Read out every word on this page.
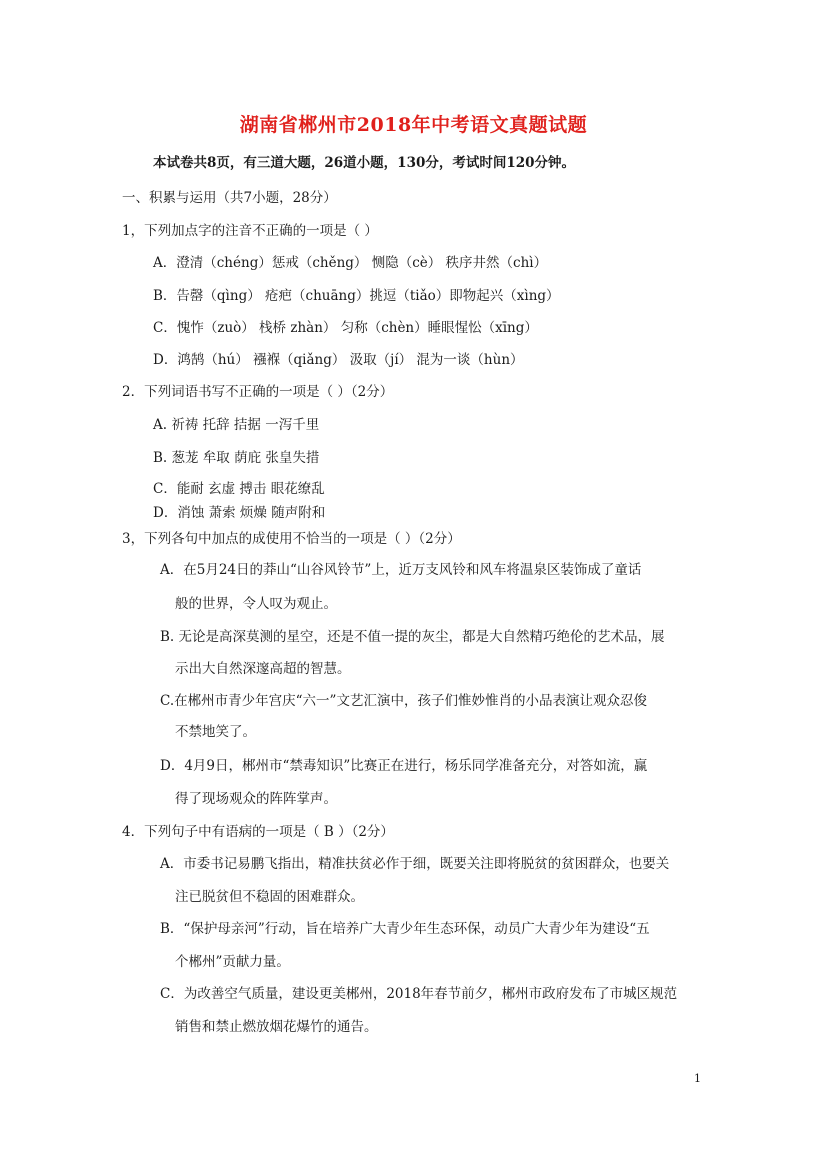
湖南省郴州市2018年中考语文真题试题
本试卷共8页，有三道大题，26道小题，130分，考试时间120分钟。
一、积累与运用（共7小题，28分）
1，下列加点字的注音不正确的一项是（ ）
A．澄清（chéng）惩戒（chěng） 恻隐（cè） 秩序井然（chì）
B．告罄（qìng） 疮疤（chuāng）挑逗（tiǎo）即物起兴（xìng）
C．愧怍（zuò） 栈桥 zhàn） 匀称（chèn）睡眼惺忪（xīng）
D．鸿鹄（hú） 襁褓（qiǎng） 汲取（jí） 混为一谈（hùn）
2．下列词语书写不正确的一项是（ ）（2分）
A. 祈祷 托辞 拮据 一泻千里
B. 葱茏 牟取 荫庇 张皇失措
C．能耐 玄虚 搏击 眼花缭乱
D．消蚀 萧索 烦燥 随声附和
3，下列各句中加点的成使用不恰当的一项是（ ）（2分）
A．在5月24日的莽山“山谷风铃节”上，近万支风铃和风车将温泉区装饰成了童话
般的世界，令人叹为观止。
B. 无论是高深莫测的星空，还是不值一提的灰尘，都是大自然精巧绝伦的艺术品，展
示出大自然深邃高超的智慧。
C.在郴州市青少年宫庆“六一”文艺汇演中，孩子们惟妙惟肖的小品表演让观众忍俊
不禁地笑了。
D．4月9日，郴州市“禁毒知识”比赛正在进行，杨乐同学准备充分，对答如流，赢
得了现场观众的阵阵掌声。
4．下列句子中有语病的一项是（ B ）（2分）
A．市委书记易鹏飞指出，精准扶贫必作于细，既要关注即将脱贫的贫困群众，也要关
注已脱贫但不稳固的困难群众。
B．“保护母亲河”行动，旨在培养广大青少年生态环保，动员广大青少年为建设“五
个郴州”贡献力量。
C．为改善空气质量，建设更美郴州，2018年春节前夕，郴州市政府发布了市城区规范
销售和禁止燃放烟花爆竹的通告。
1
